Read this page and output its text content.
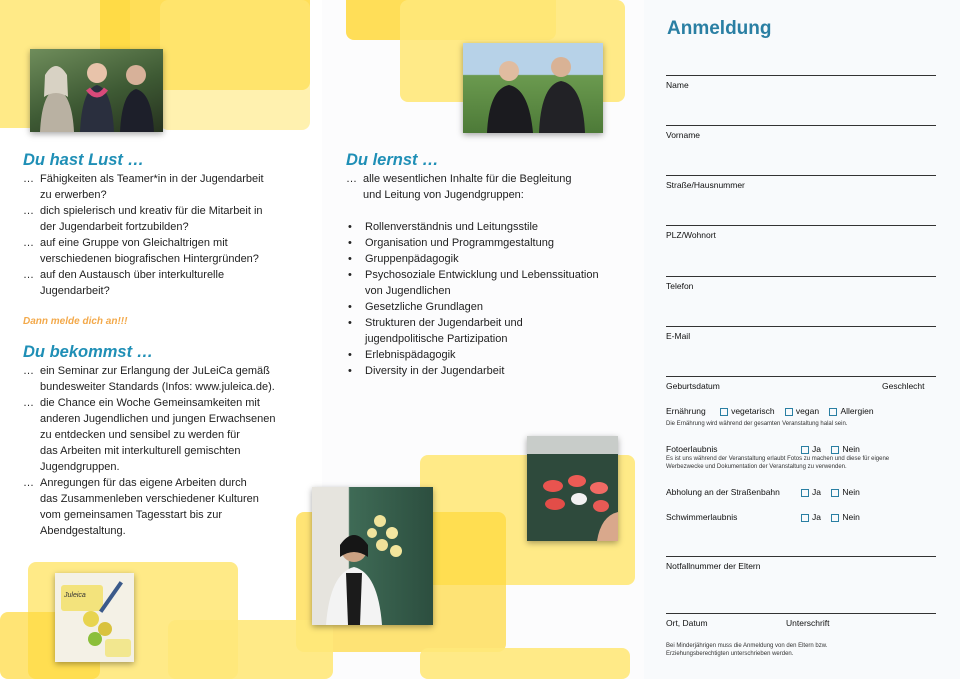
Juleica
Du hast Lust …
… Fähigkeiten als Teamer*in in der Jugendarbeit
zu erwerben?
… dich spielerisch und kreativ für die Mitarbeit in
der Jugendarbeit fortzubilden?
… auf eine Gruppe von Gleichaltrigen mit
verschiedenen biografischen Hintergründen?
… auf den Austausch über interkulturelle
Jugendarbeit?
Dann melde dich an!!!
Du bekommst …
… ein Seminar zur Erlangung der JuLeiCa gemäß
bundesweiter Standards (Infos: www.juleica.de).
… die Chance ein Woche Gemeinsamkeiten mit
anderen Jugendlichen und jungen Erwachsenen
zu entdecken und sensibel zu werden für
das Arbeiten mit interkulturell gemischten
Jugendgruppen.
… Anregungen für das eigene Arbeiten durch
das Zusammenleben verschiedener Kulturen
vom gemeinsamen Tagesstart bis zur
Abendgestaltung.
Du lernst …
… alle wesentlichen Inhalte für die Begleitung
und Leitung von Jugendgruppen:
•	Rollenverständnis und Leitungsstile
•	Organisation und Programmgestaltung
•	Gruppenpädagogik
•	Psychosoziale Entwicklung und Lebenssituation
von Jugendlichen
•	Gesetzliche Grundlagen
•	Strukturen der Jugendarbeit und
jugendpolitische Partizipation
•	Erlebnispädagogik
•	Diversity in der Jugendarbeit
Anmeldung
Name
Vorname
Straße/Hausnummer
PLZ/Wohnort
Telefon
E-Mail
Geburtsdatum	Geschlecht
Ernährung	vegetarisch	vegan	Allergien
Die Ernährung wird während der gesamten Veranstaltung halal sein.
Fotoerlaubnis	Ja	Nein
Es ist uns während der Veranstaltung erlaubt Fotos zu machen und diese für eigene
Werbezwecke und Dokumentation der Veranstaltung zu verwenden.
Abholung an der Straßenbahn	Ja	Nein
Schwimmerlaubnis	Ja	Nein
Notfallnummer der Eltern
Ort, Datum	Unterschrift
Bei Minderjährigen muss die Anmeldung von den Eltern bzw.
Erziehungsberechtigten unterschrieben werden.
